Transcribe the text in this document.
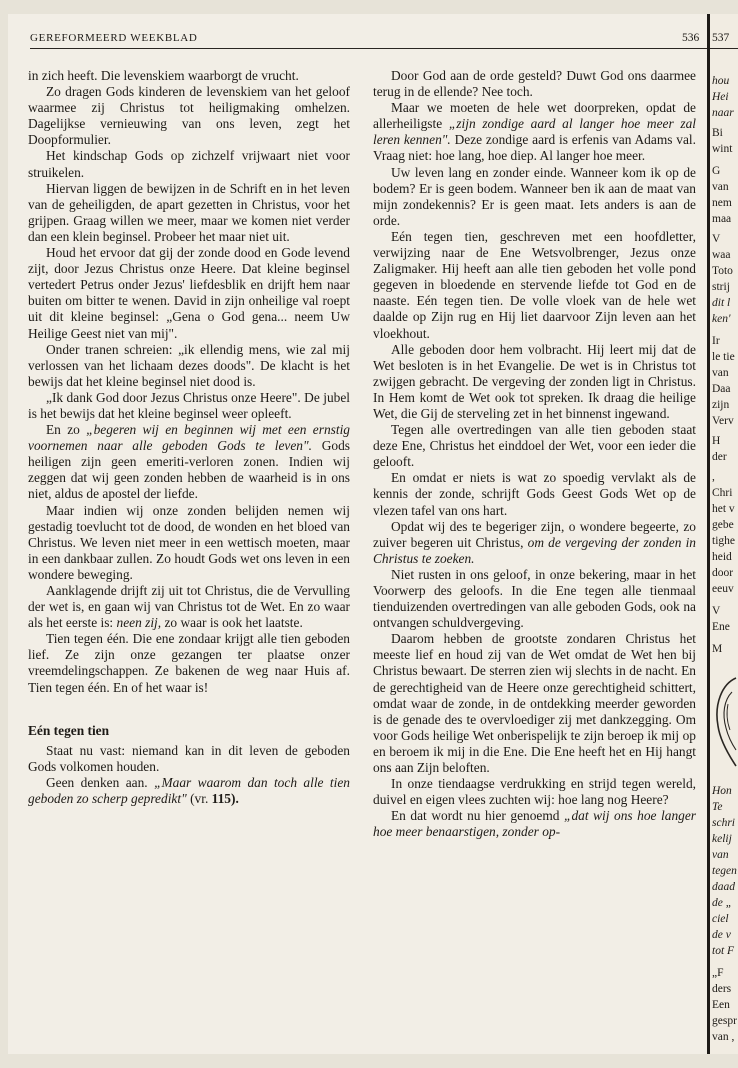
GEREFORMEERD WEEKBLAD	536

in zich heeft. Die levenskiem waarborgt de vrucht.

Zo dragen Gods kinderen de levenskiem van het geloof waarmee zij Christus tot heiligmaking omhelzen. Dagelijkse vernieuwing van ons leven, zegt het Doopformulier.

Het kindschap Gods op zichzelf vrijwaart niet voor struikelen.

Hiervan liggen de bewijzen in de Schrift en in het leven van de geheiligden, de apart gezetten in Christus, voor het grijpen. Graag willen we meer, maar we komen niet verder dan een klein beginsel. Probeer het maar niet uit.

Houd het ervoor dat gij der zonde dood en Gode levend zijt, door Jezus Christus onze Heere. Dat kleine beginsel vertedert Petrus onder Jezus' liefdesblik en drijft hem naar buiten om bitter te wenen. David in zijn onheilige val roept uit dit kleine beginsel: „Gena o God gena... neem Uw Heilige Geest niet van mij".

Onder tranen schreien: „ik ellendig mens, wie zal mij verlossen van het lichaam dezes doods". De klacht is het bewijs dat het kleine beginsel niet dood is.

„Ik dank God door Jezus Christus onze Heere". De jubel is het bewijs dat het kleine beginsel weer opleeft.

En zo „begeren wij en beginnen wij met een ernstig voornemen naar alle geboden Gods te leven". Gods heiligen zijn geen emeriti-verloren zonen. Indien wij zeggen dat wij geen zonden hebben de waarheid is in ons niet, aldus de apostel der liefde.

Maar indien wij onze zonden belijden nemen wij gestadig toevlucht tot de dood, de wonden en het bloed van Christus. We leven niet meer in een wettisch moeten, maar in een dankbaar zullen. Zo houdt Gods wet ons leven in een wondere beweging.

Aanklagende drijft zij uit tot Christus, die de Vervulling der wet is, en gaan wij van Christus tot de Wet. En zo waar als het eerste is: neen zij, zo waar is ook het laatste.

Tien tegen één. Die ene zondaar krijgt alle tien geboden lief. Ze zijn onze gezangen ter plaatse onzer vreemdelingschappen. Ze bakenen de weg naar Huis af. Tien tegen één. En of het waar is!

Eén tegen tien

Staat nu vast: niemand kan in dit leven de geboden Gods volkomen houden.

Geen denken aan. „Maar waarom dan toch alle tien geboden zo scherp gepredikt" (vr. 115).

Door God aan de orde gesteld? Duwt God ons daarmee terug in de ellende? Nee toch.

Maar we moeten de hele wet doorpreken, opdat de allerheiligste „zijn zondige aard al langer hoe meer zal leren kennen". Deze zondige aard is erfenis van Adams val. Vraag niet: hoe lang, hoe diep. Al langer hoe meer.

Uw leven lang en zonder einde. Wanneer kom ik op de bodem? Er is geen bodem. Wanneer ben ik aan de maat van mijn zondekennis? Er is geen maat. Iets anders is aan de orde.

Eén tegen tien, geschreven met een hoofdletter, verwijzing naar de Ene Wetsvolbrenger, Jezus onze Zaligmaker. Hij heeft aan alle tien geboden het volle pond gegeven in bloedende en stervende liefde tot God en de naaste. Eén tegen tien. De volle vloek van de hele wet daalde op Zijn rug en Hij liet daarvoor Zijn leven aan het vloekhout.

Alle geboden door hem volbracht. Hij leert mij dat de Wet besloten is in het Evangelie. De wet is in Christus tot zwijgen gebracht. De vergeving der zonden ligt in Christus. In Hem komt de Wet ook tot spreken. Ik draag die heilige Wet, die Gij de sterveling zet in het binnenst ingewand.

Tegen alle overtredingen van alle tien geboden staat deze Ene, Christus het einddoel der Wet, voor een ieder die gelooft.

En omdat er niets is wat zo spoedig vervlakt als de kennis der zonde, schrijft Gods Geest Gods Wet op de vlezen tafel van ons hart.

Opdat wij des te begeriger zijn, o wondere begeerte, zo zuiver begeren uit Christus, om de vergeving der zonden in Christus te zoeken.

Niet rusten in ons geloof, in onze bekering, maar in het Voorwerp des geloofs. In die Ene tegen alle tienmaal tienduizenden overtredingen van alle geboden Gods, ook na ontvangen schuldvergeving.

Daarom hebben de grootste zondaren Christus het meeste lief en houd zij van de Wet omdat de Wet hen bij Christus bewaart. De sterren zien wij slechts in de nacht. En de gerechtigheid van de Heere onze gerechtigheid schittert, omdat waar de zonde, in de ontdekking meerder geworden is de genade des te overvloediger zij met dankzegging. Om voor Gods heilige Wet onberispelijk te zijn beroep ik mij op en beroem ik mij in die Ene. Die Ene heeft het en Hij hangt ons aan Zijn beloften.

In onze tiendaagse verdrukking en strijd tegen wereld, duivel en eigen vlees zuchten wij: hoe lang nog Heere?

En dat wordt nu hier genoemd „dat wij ons hoe langer hoe meer benaarstigen, zonder op-

537
hou
Hei
naar
Bi
wint
G
van
nem
maa
V
waa
Toto
strij
dit l
ken'
Ir
le tie
van
Daa
zijn
Verv
H
der
,
Chri
het v
gebe
tighe
heid
door
eeuv
V
Ene
M
Hon
Te
schri
kelij
van
tegen
daad
de „
ciel
de v
tot F
„F
ders
Een
gespr
van ,
